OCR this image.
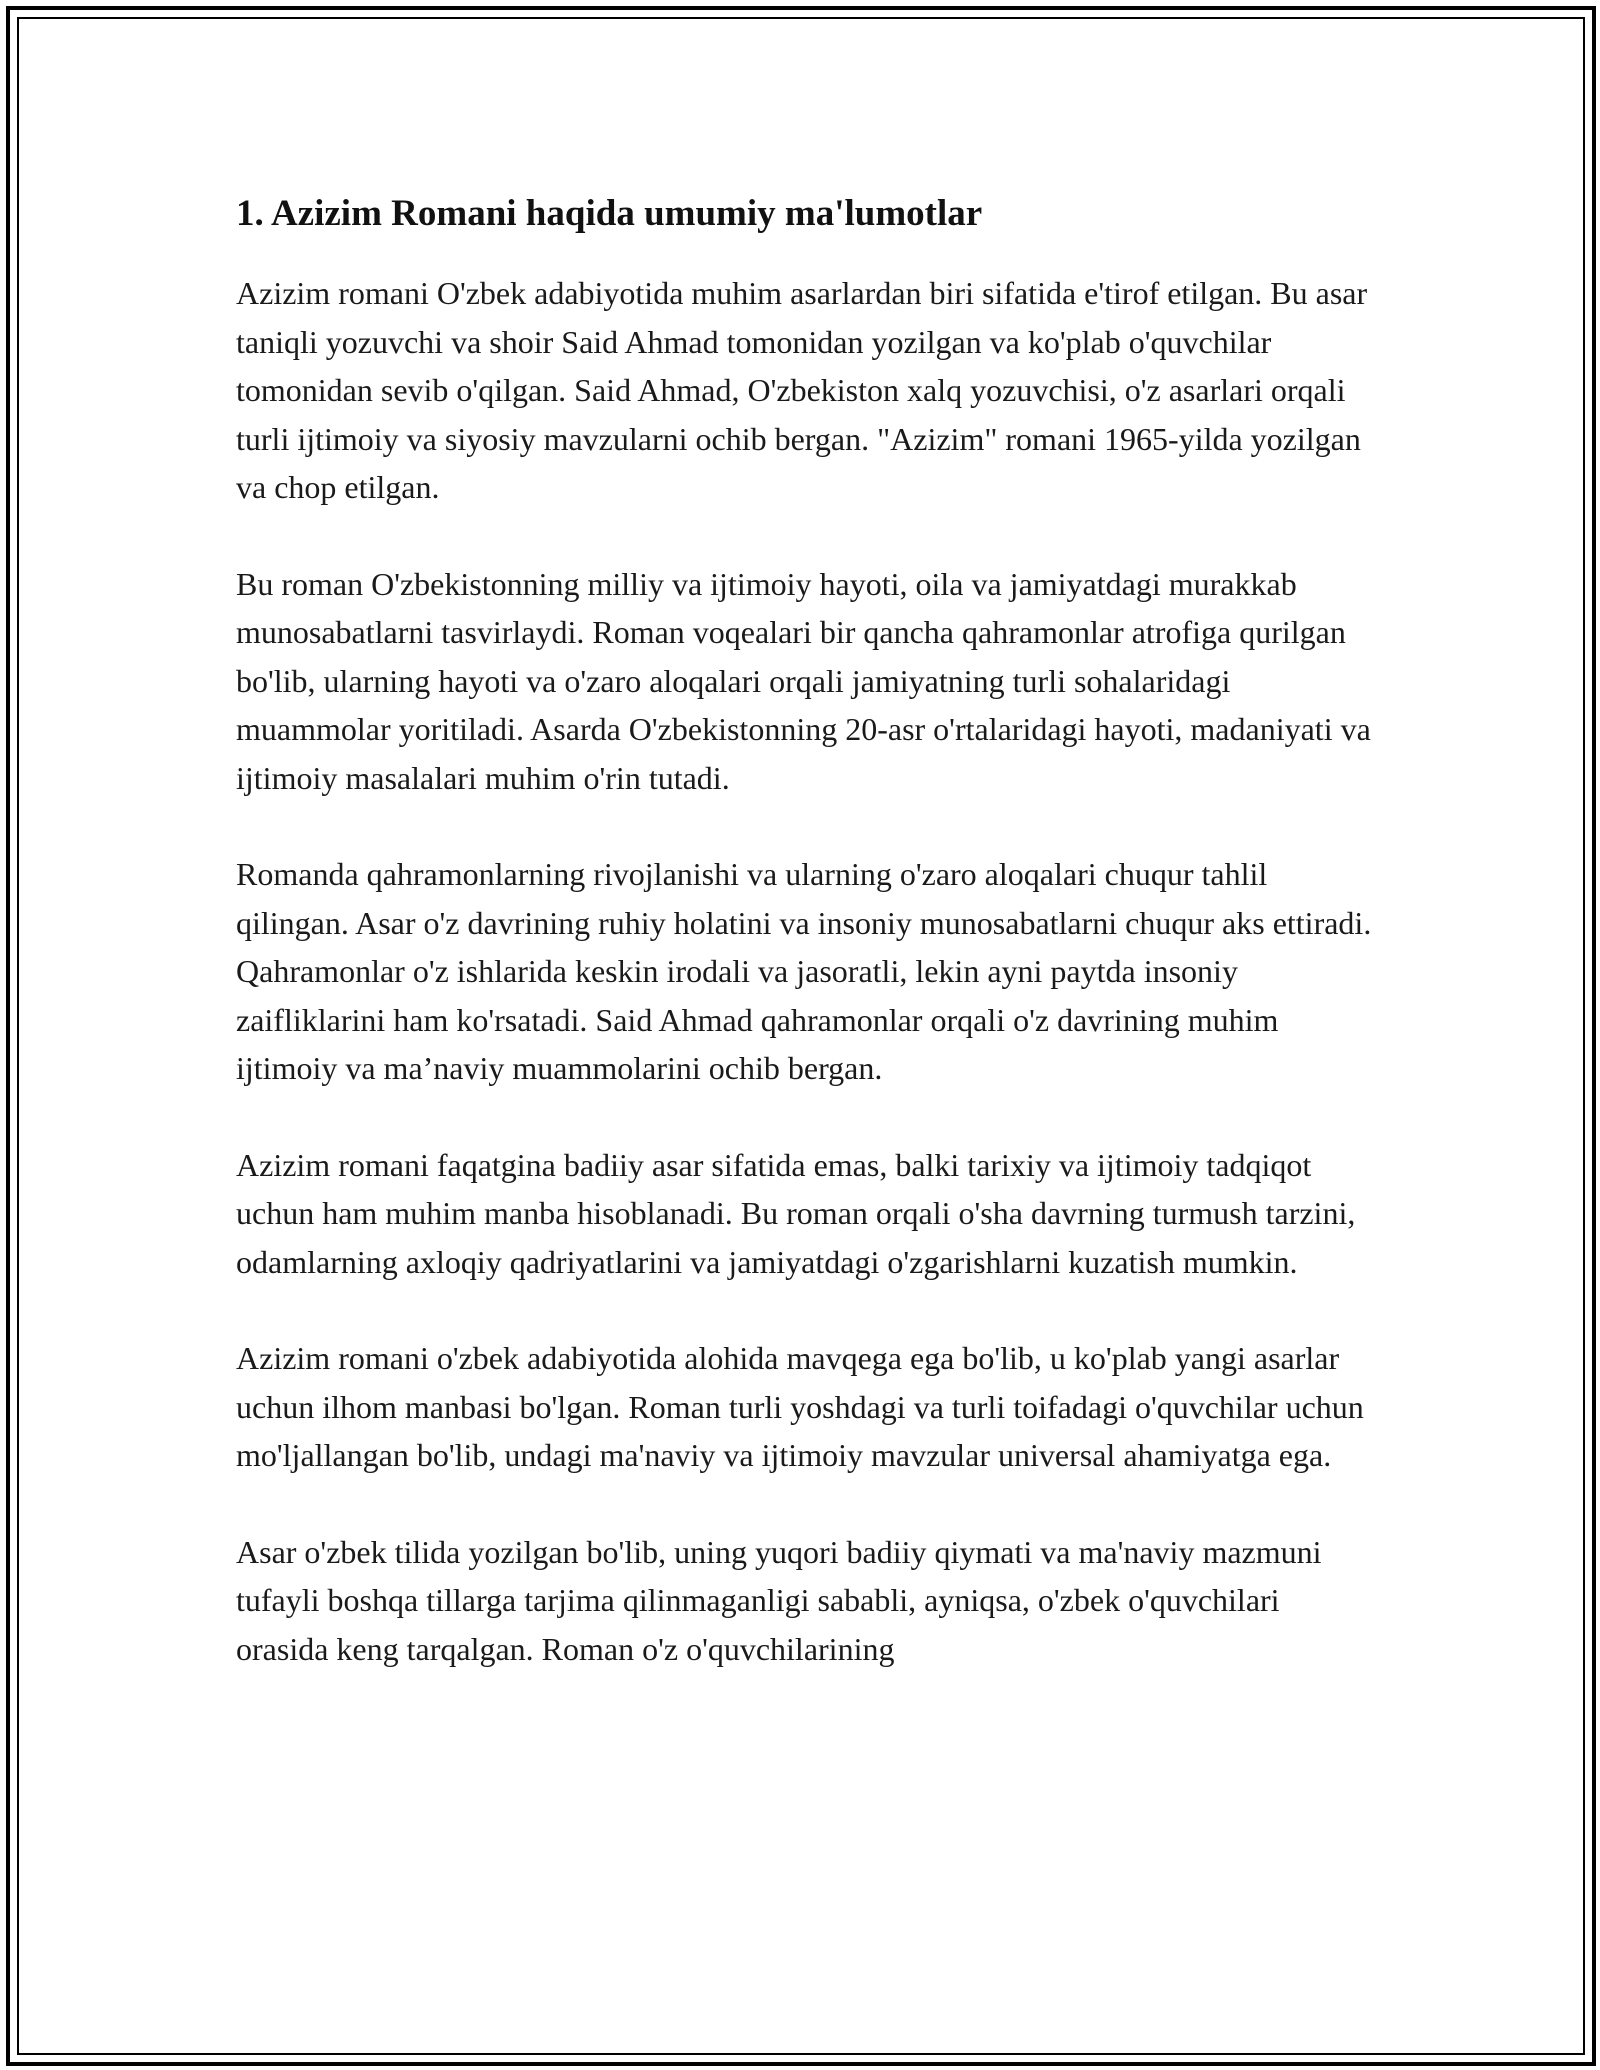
1. Azizim Romani haqida umumiy ma'lumotlar

Azizim romani O'zbek adabiyotida muhim asarlardan biri sifatida e'tirof etilgan. Bu asar taniqli yozuvchi va shoir Said Ahmad tomonidan yozilgan va ko'plab o'quvchilar tomonidan sevib o'qilgan. Said Ahmad, O'zbekiston xalq yozuvchisi, o'z asarlari orqali turli ijtimoiy va siyosiy mavzularni ochib bergan. "Azizim" romani 1965-yilda yozilgan va chop etilgan.

Bu roman O'zbekistonning milliy va ijtimoiy hayoti, oila va jamiyatdagi murakkab munosabatlarni tasvirlaydi. Roman voqealari bir qancha qahramonlar atrofiga qurilgan bo'lib, ularning hayoti va o'zaro aloqalari orqali jamiyatning turli sohalaridagi muammolar yoritiladi. Asarda O'zbekistonning 20-asr o'rtalaridagi hayoti, madaniyati va ijtimoiy masalalari muhim o'rin tutadi.

Romanda qahramonlarning rivojlanishi va ularning o'zaro aloqalari chuqur tahlil qilingan. Asar o'z davrining ruhiy holatini va insoniy munosabatlarni chuqur aks ettiradi. Qahramonlar o'z ishlarida keskin irodali va jasoratli, lekin ayni paytda insoniy zaifliklarini ham ko'rsatadi. Said Ahmad qahramonlar orqali o'z davrining muhim ijtimoiy va ma’naviy muammolarini ochib bergan.

Azizim romani faqatgina badiiy asar sifatida emas, balki tarixiy va ijtimoiy tadqiqot uchun ham muhim manba hisoblanadi. Bu roman orqali o'sha davrning turmush tarzini, odamlarning axloqiy qadriyatlarini va jamiyatdagi o'zgarishlarni kuzatish mumkin.

Azizim romani o'zbek adabiyotida alohida mavqega ega bo'lib, u ko'plab yangi asarlar uchun ilhom manbasi bo'lgan. Roman turli yoshdagi va turli toifadagi o'quvchilar uchun mo'ljallangan bo'lib, undagi ma'naviy va ijtimoiy mavzular universal ahamiyatga ega.

Asar o'zbek tilida yozilgan bo'lib, uning yuqori badiiy qiymati va ma'naviy mazmuni tufayli boshqa tillarga tarjima qilinmaganligi sababli, ayniqsa, o'zbek o'quvchilari orasida keng tarqalgan. Roman o'z o'quvchilarining
